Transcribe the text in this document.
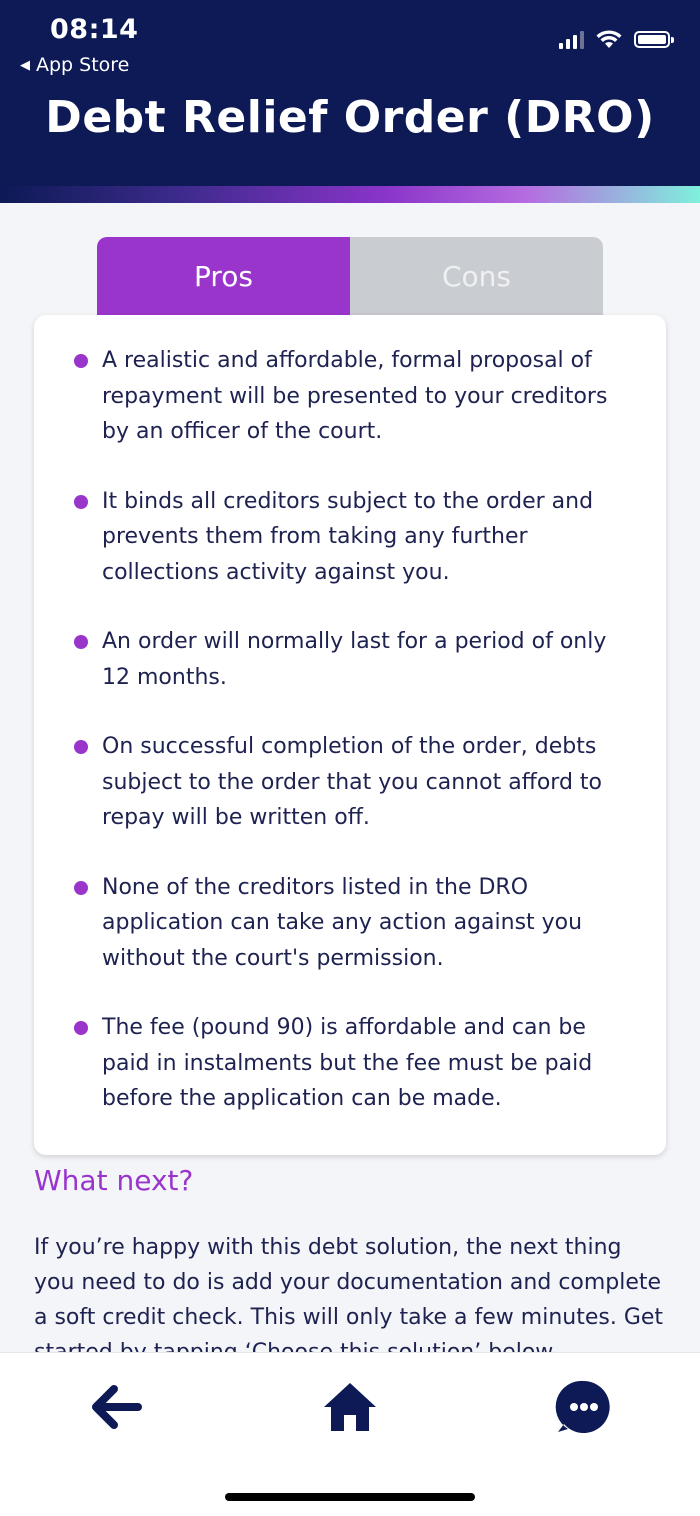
08:14
◀ App Store
Debt Relief Order (DRO)
Pros	Cons
A realistic and affordable, formal proposal of repayment will be presented to your creditors by an officer of the court.
It binds all creditors subject to the order and prevents them from taking any further collections activity against you.
An order will normally last for a period of only 12 months.
On successful completion of the order, debts subject to the order that you cannot afford to repay will be written off.
None of the creditors listed in the DRO application can take any action against you without the court's permission.
The fee (pound 90) is affordable and can be paid in instalments but the fee must be paid before the application can be made.
What next?
If you’re happy with this debt solution, the next thing you need to do is add your documentation and complete a soft credit check. This will only take a few minutes. Get
